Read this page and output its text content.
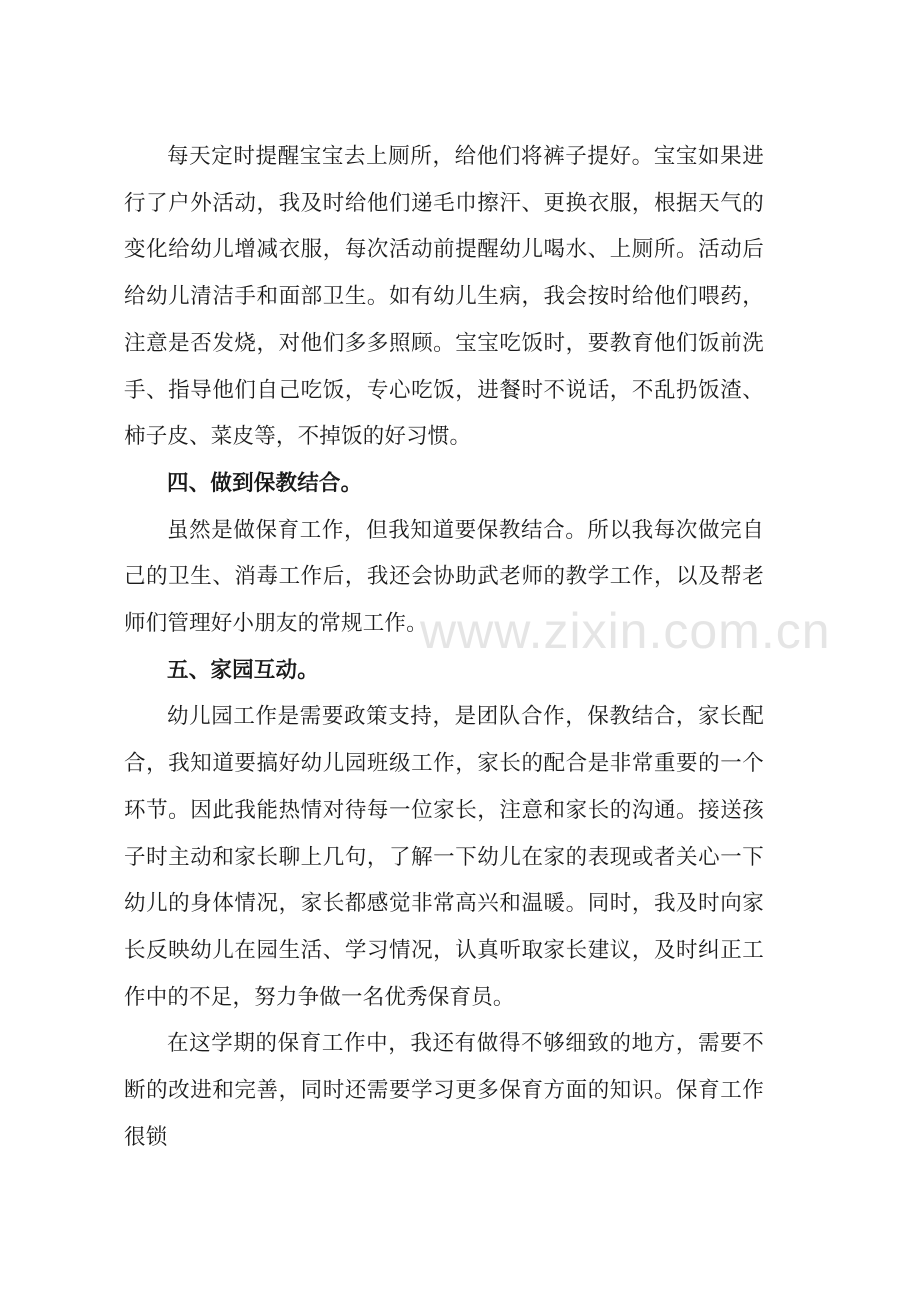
每天定时提醒宝宝去上厕所，给他们将裤子提好。宝宝如果进行了户外活动，我及时给他们递毛巾擦汗、更换衣服，根据天气的变化给幼儿增减衣服，每次活动前提醒幼儿喝水、上厕所。活动后给幼儿清洁手和面部卫生。如有幼儿生病，我会按时给他们喂药，注意是否发烧，对他们多多照顾。宝宝吃饭时，要教育他们饭前洗手、指导他们自己吃饭，专心吃饭，进餐时不说话，不乱扔饭渣、柿子皮、菜皮等，不掉饭的好习惯。

四、做到保教结合。

虽然是做保育工作，但我知道要保教结合。所以我每次做完自己的卫生、消毒工作后，我还会协助武老师的教学工作，以及帮老师们管理好小朋友的常规工作。

五、家园互动。

幼儿园工作是需要政策支持，是团队合作，保教结合，家长配合，我知道要搞好幼儿园班级工作，家长的配合是非常重要的一个环节。因此我能热情对待每一位家长，注意和家长的沟通。接送孩子时主动和家长聊上几句，了解一下幼儿在家的表现或者关心一下幼儿的身体情况，家长都感觉非常高兴和温暖。同时，我及时向家长反映幼儿在园生活、学习情况，认真听取家长建议，及时纠正工作中的不足，努力争做一名优秀保育员。

在这学期的保育工作中，我还有做得不够细致的地方，需要不断的改进和完善，同时还需要学习更多保育方面的知识。保育工作很锁

www.zixin.com.cn
